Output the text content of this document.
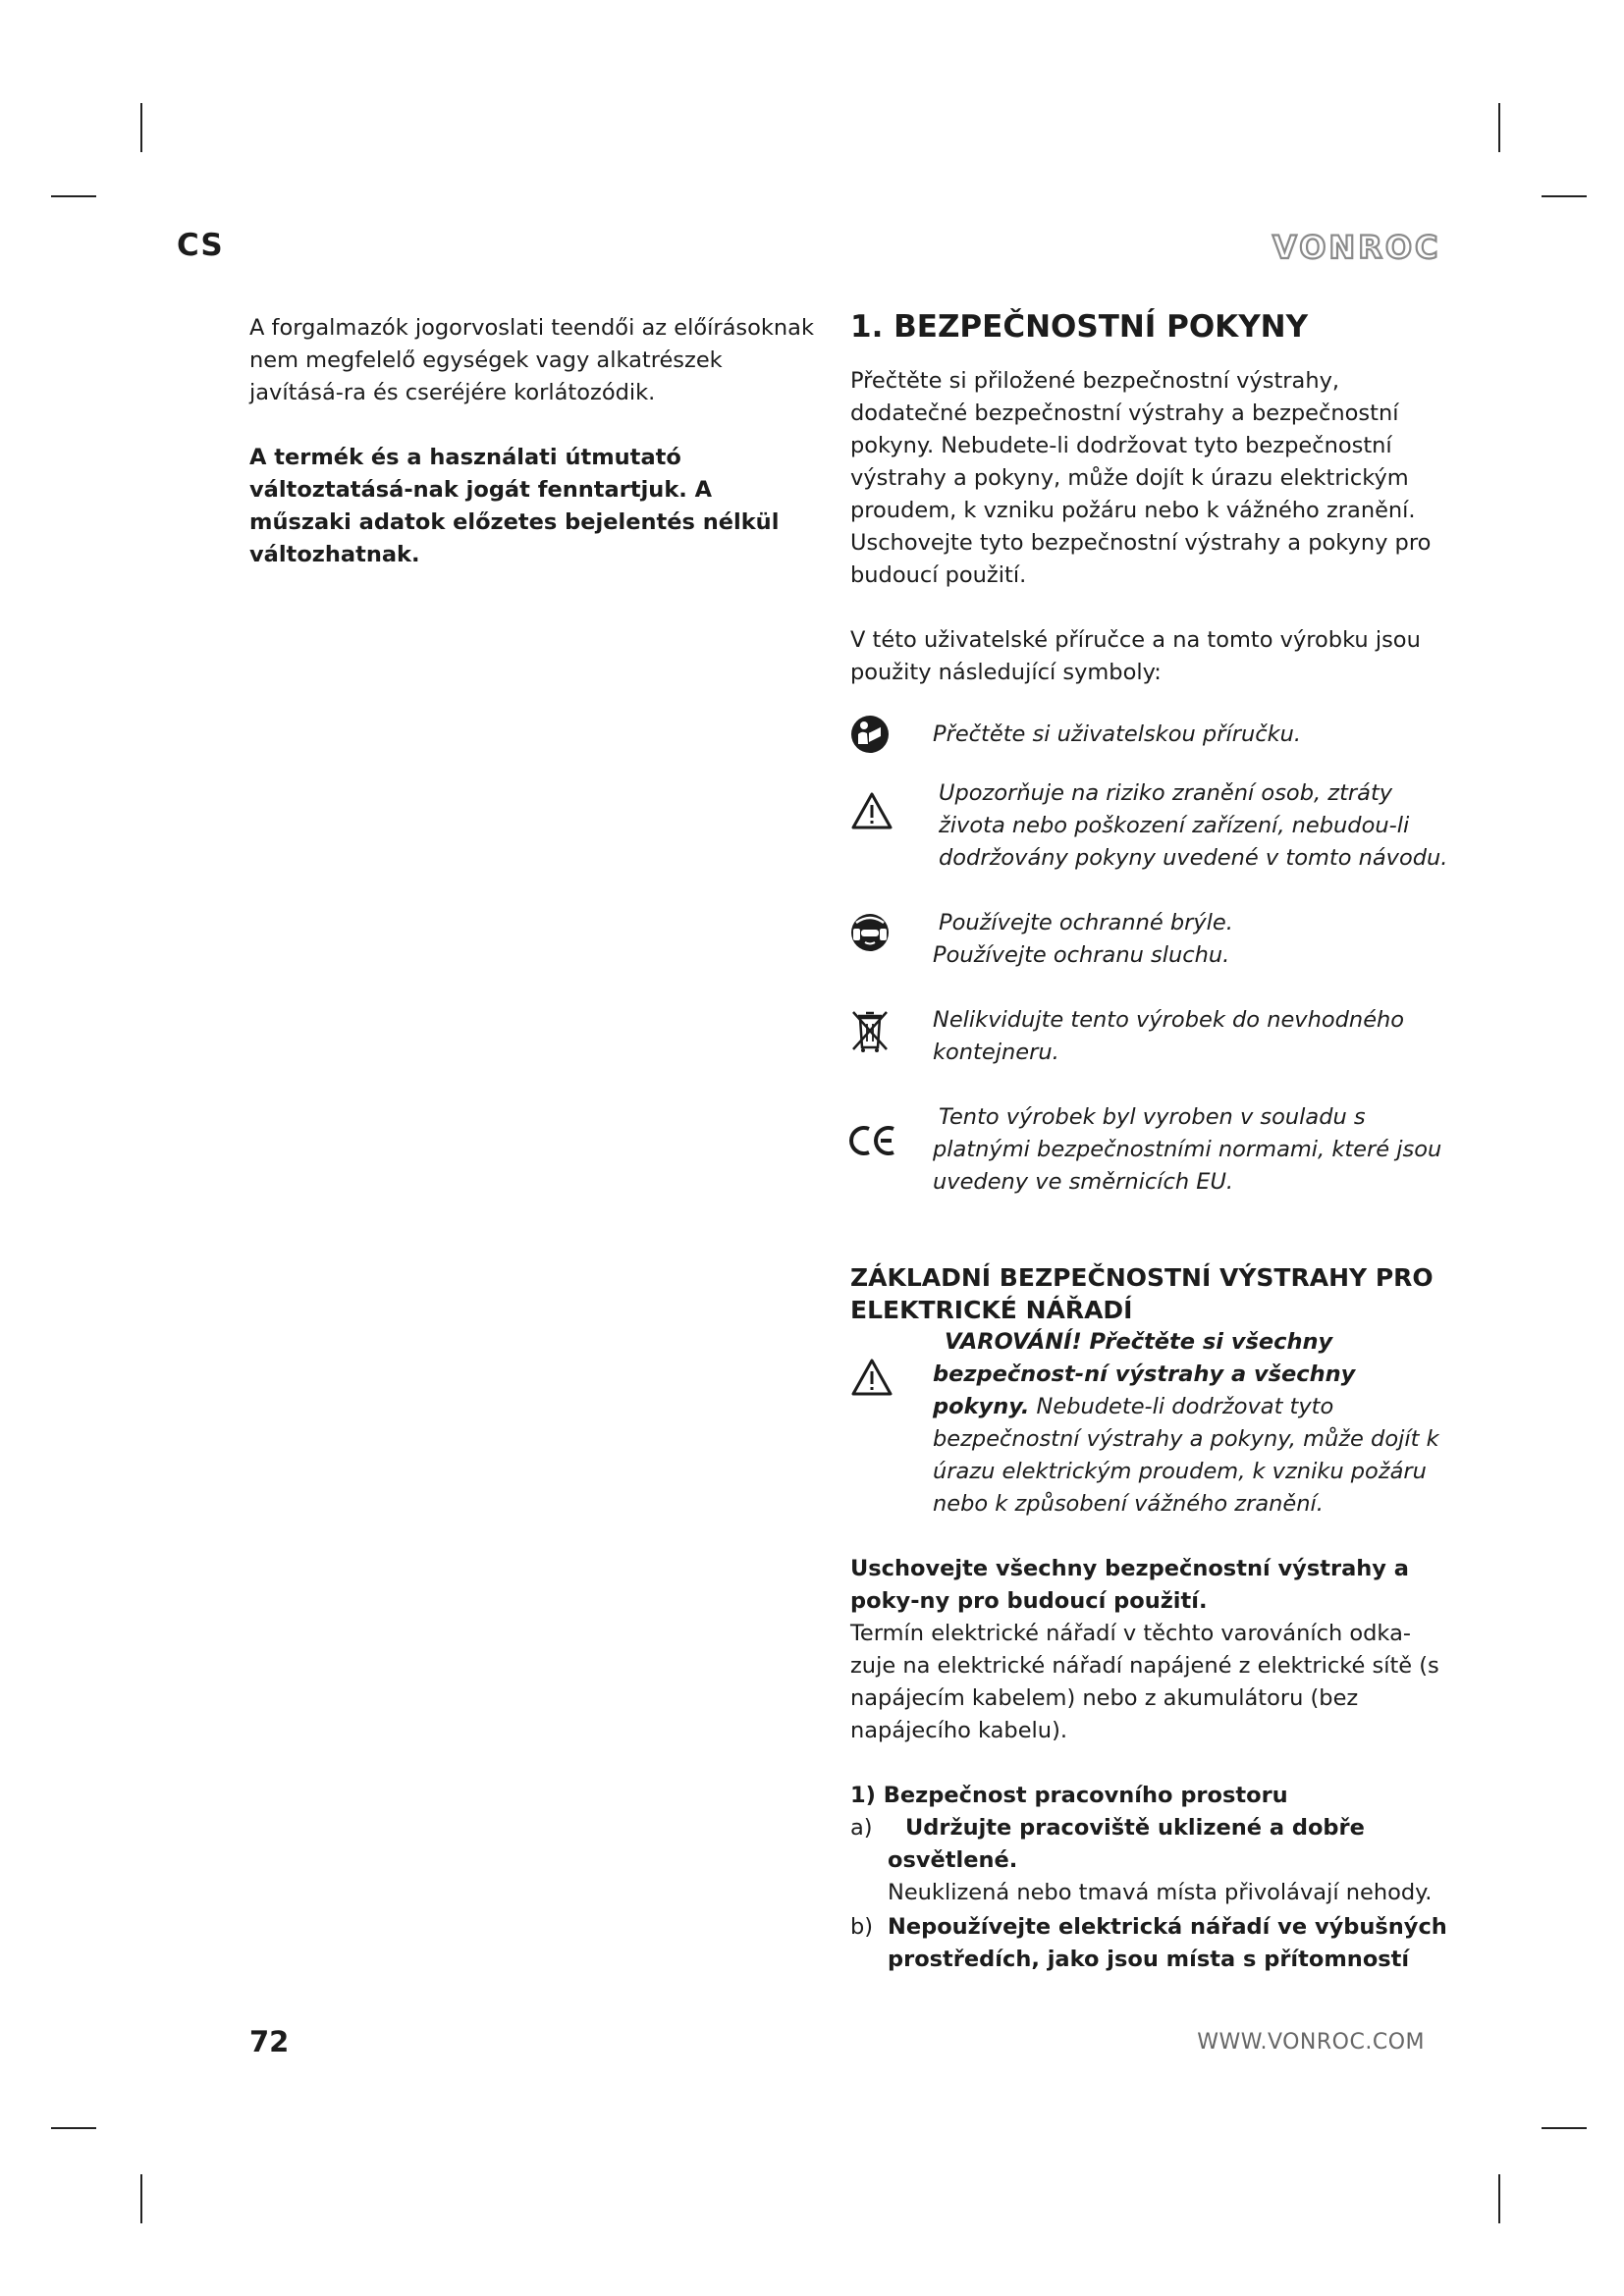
CS	VONROC

A forgalmazók jogorvoslati teendői az előírásoknak nem megfelelő egységek vagy alkatrészek javításá-ra és cseréjére korlátozódik.

A termék és a használati útmutató változtatásá-nak jogát fenntartjuk. A műszaki adatok előzetes bejelentés nélkül változhatnak.

1. BEZPEČNOSTNÍ POKYNY

Přečtěte si přiložené bezpečnostní výstrahy, dodatečné bezpečnostní výstrahy a bezpečnostní pokyny. Nebudete-li dodržovat tyto bezpečnostní výstrahy a pokyny, může dojít k úrazu elektrickým proudem, k vzniku požáru nebo k vážného zranění. Uschovejte tyto bezpečnostní výstrahy a pokyny pro budoucí použití.

V této uživatelské příručce a na tomto výrobku jsou použity následující symboly:

Přečtěte si uživatelskou příručku.
Upozorňuje na riziko zranění osob, ztráty života nebo poškození zařízení, nebudou-li dodržovány pokyny uvedené v tomto návodu.
Používejte ochranné brýle.
Používejte ochranu sluchu.
Nelikvidujte tento výrobek do nevhodného kontejneru.
Tento výrobek byl vyroben v souladu s platnými bezpečnostními normami, které jsou uvedeny ve směrnicích EU.
ZÁKLADNÍ BEZPEČNOSTNÍ VÝSTRAHY PRO ELEKTRICKÉ NÁŘADÍ
VAROVÁNÍ! Přečtěte si všechny bezpečnost-ní výstrahy a všechny pokyny. Nebudete-li dodržovat tyto bezpečnostní výstrahy a pokyny, může dojít k úrazu elektrickým proudem, k vzniku požáru nebo k způsobení vážného zranění.

Uschovejte všechny bezpečnostní výstrahy a poky-ny pro budoucí použití.

Termín elektrické nářadí v těchto varováních odka-zuje na elektrické nářadí napájené z elektrické sítě (s napájecím kabelem) nebo z akumulátoru (bez napájecího kabelu).

1) Bezpečnost pracovního prostoru

a)	Udržujte pracoviště uklizené a dobře osvětlené.
Neuklizená nebo tmavá místa přivolávají nehody.
b) Nepoužívejte elektrická nářadí ve výbušných prostředích, jako jsou místa s přítomností
72	WWW.VONROC.COM
